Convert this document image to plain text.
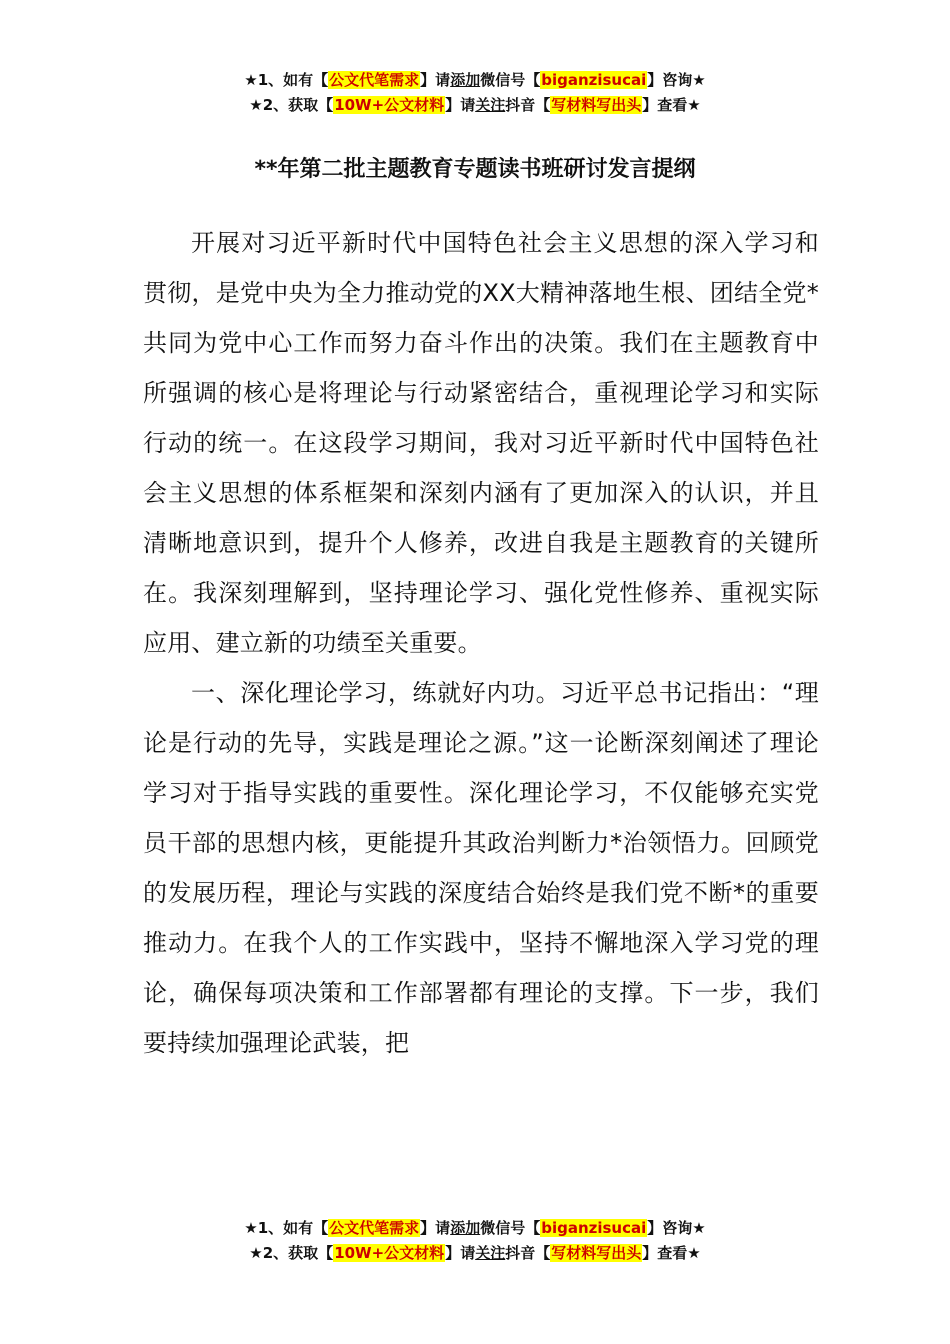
★1、如有【公文代笔需求】请添加微信号【biganzisucai】咨询★
★2、获取【10W+公文材料】请关注抖音【写材料写出头】查看★
**年第二批主题教育专题读书班研讨发言提纲

开展对习近平新时代中国特色社会主义思想的深入学习和贯彻，是党中央为全力推动党的XX大精神落地生根、团结全党*共同为党中心工作而努力奋斗作出的决策。我们在主题教育中所强调的核心是将理论与行动紧密结合，重视理论学习和实际行动的统一。在这段学习期间，我对习近平新时代中国特色社会主义思想的体系框架和深刻内涵有了更加深入的认识，并且清晰地意识到，提升个人修养，改进自我是主题教育的关键所在。我深刻理解到，坚持理论学习、强化党性修养、重视实际应用、建立新的功绩至关重要。

一、深化理论学习，练就好内功。习近平总书记指出：“理论是行动的先导，实践是理论之源。”这一论断深刻阐述了理论学习对于指导实践的重要性。深化理论学习，不仅能够充实党员干部的思想内核，更能提升其政治判断力*治领悟力。回顾党的发展历程，理论与实践的深度结合始终是我们党不断*的重要推动力。在我个人的工作实践中，坚持不懈地深入学习党的理论，确保每项决策和工作部署都有理论的支撑。下一步，我们要持续加强理论武装，把

★1、如有【公文代笔需求】请添加微信号【biganzisucai】咨询★
★2、获取【10W+公文材料】请关注抖音【写材料写出头】查看★
